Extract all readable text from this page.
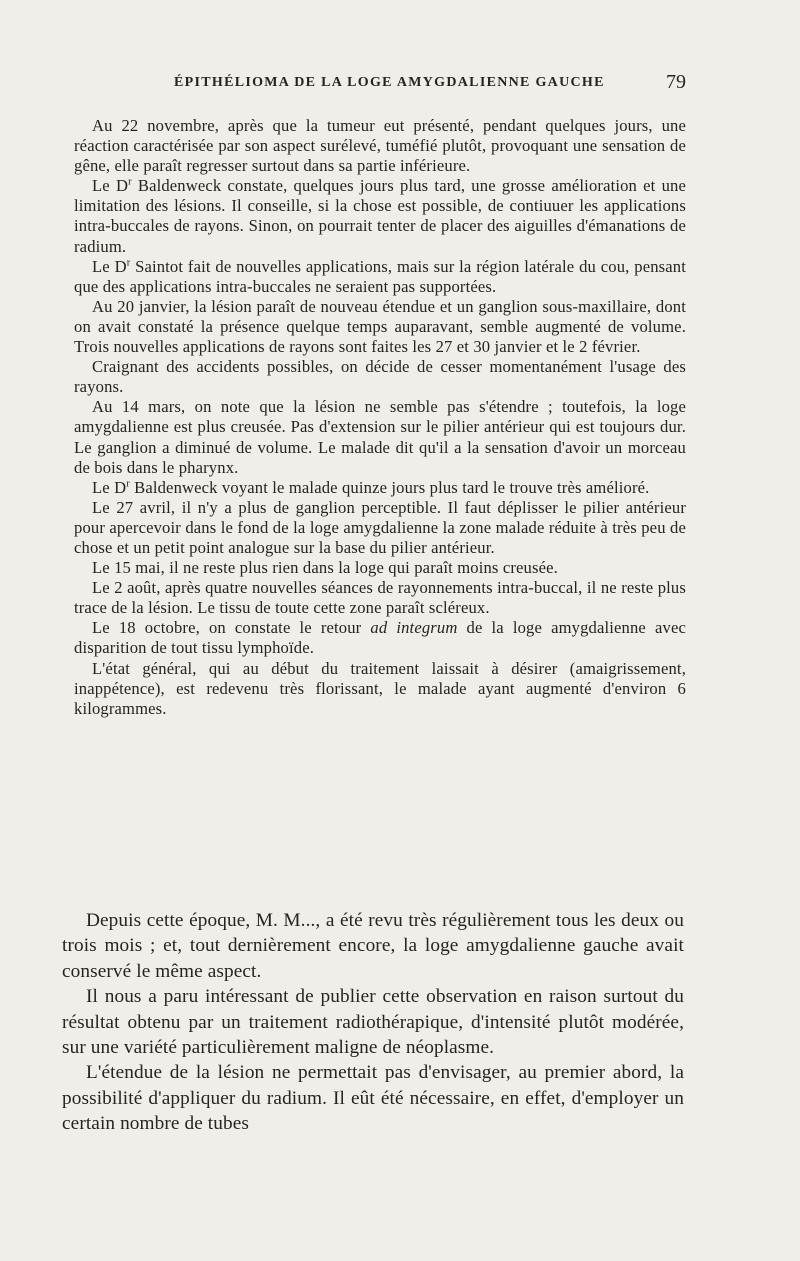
ÉPITHÉLIOMA DE LA LOGE AMYGDALIENNE GAUCHE	79

Au 22 novembre, après que la tumeur eut présenté, pendant quelques jours, une réaction caractérisée par son aspect surélevé, tuméfié plutôt, provoquant une sensation de gêne, elle paraît regresser surtout dans sa partie inférieure.

Le $D^r$ Baldenweck constate, quelques jours plus tard, une grosse amélioration et une limitation des lésions. Il conseille, si la chose est possible, de contiuuer les applications intra-buccales de rayons. Sinon, on pourrait tenter de placer des aiguilles d'émanations de radium.

Le $D^r$ Saintot fait de nouvelles applications, mais sur la région latérale du cou, pensant que des applications intra-buccales ne seraient pas supportées.

Au 20 janvier, la lésion paraît de nouveau étendue et un ganglion sous-maxillaire, dont on avait constaté la présence quelque temps auparavant, semble augmenté de volume. Trois nouvelles applications de rayons sont faites les 27 et 30 janvier et le 2 février.

Craignant des accidents possibles, on décide de cesser momentanément l'usage des rayons.

Au 14 mars, on note que la lésion ne semble pas s'étendre ; toutefois, la loge amygdalienne est plus creusée. Pas d'extension sur le pilier antérieur qui est toujours dur. Le ganglion a diminué de volume. Le malade dit qu'il a la sensation d'avoir un morceau de bois dans le pharynx.

Le $D^r$ Baldenweck voyant le malade quinze jours plus tard le trouve très amélioré.

Le 27 avril, il n'y a plus de ganglion perceptible. Il faut déplisser le pilier antérieur pour apercevoir dans le fond de la loge amygdalienne la zone malade réduite à très peu de chose et un petit point analogue sur la base du pilier antérieur.

Le 15 mai, il ne reste plus rien dans la loge qui paraît moins creusée.

Le 2 août, après quatre nouvelles séances de rayonnements intra-buccal, il ne reste plus trace de la lésion. Le tissu de toute cette zone paraît scléreux.

Le 18 octobre, on constate le retour ad integrum de la loge amygdalienne avec disparition de tout tissu lymphoïde.

L'état général, qui au début du traitement laissait à désirer (amaigrissement, inappétence), est redevenu très florissant, le malade ayant augmenté d'environ 6 kilogrammes.

Depuis cette époque, M. M..., a été revu très régulièrement tous les deux ou trois mois ; et, tout dernièrement encore, la loge amygdalienne gauche avait conservé le même aspect.

Il nous a paru intéressant de publier cette observation en raison surtout du résultat obtenu par un traitement radiothérapique, d'intensité plutôt modérée, sur une variété particulièrement maligne de néoplasme.

L'étendue de la lésion ne permettait pas d'envisager, au premier abord, la possibilité d'appliquer du radium. Il eût été nécessaire, en effet, d'employer un certain nombre de tubes
